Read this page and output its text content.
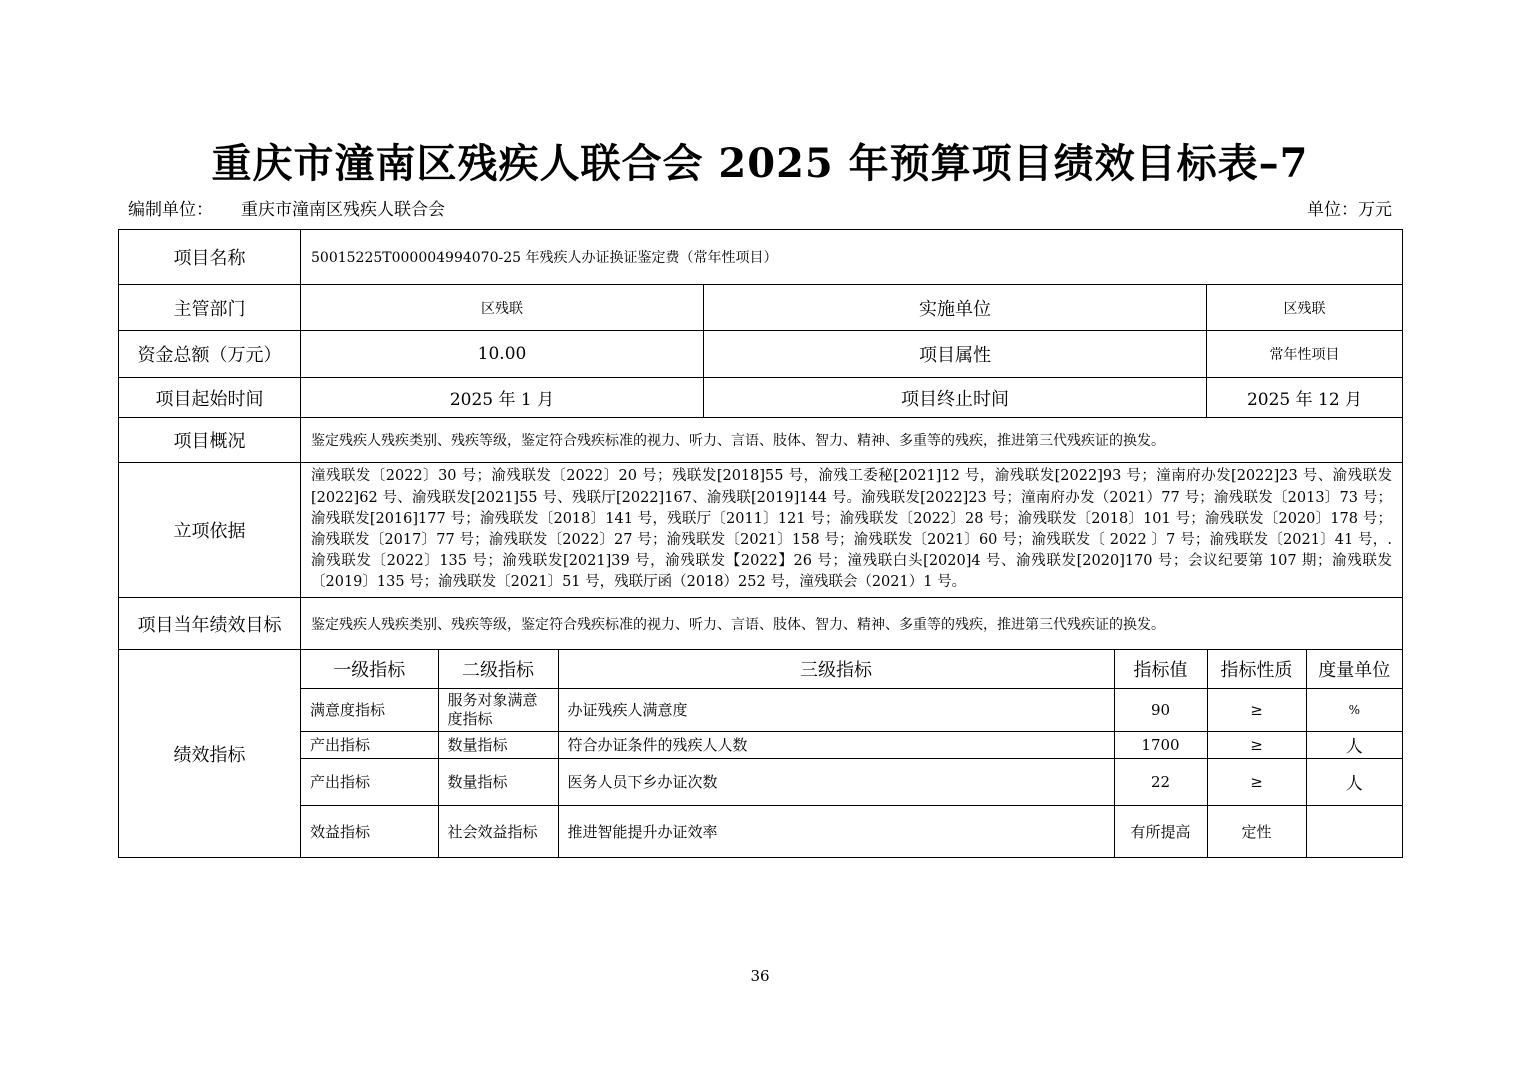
重庆市潼南区残疾人联合会 2025 年预算项目绩效目标表–7
编制单位： 重庆市潼南区残疾人联合会	单位：万元
项目名称	50015225T000004994070-25 年残疾人办证换证鉴定费（常年性项目）
主管部门	区残联	实施单位	区残联
资金总额（万元）	10.00	项目属性	常年性项目
项目起始时间	2025 年 1 月	项目终止时间	2025 年 12 月
项目概况	鉴定残疾人残疾类别、残疾等级，鉴定符合残疾标准的视力、听力、言语、肢体、智力、精神、多重等的残疾，推进第三代残疾证的换发。
立项依据	潼残联发〔2022〕30 号；渝残联发〔2022〕20 号；残联发[2018]55 号，渝残工委秘[2021]12 号，渝残联发[2022]93 号；潼南府办发[2022]23 号、渝残联发[2022]62 号、渝残联发[2021]55 号、残联厅[2022]167、渝残联[2019]144 号。渝残联发[2022]23 号；潼南府办发（2021）77 号；渝残联发〔2013〕73 号；渝残联发[2016]177 号；渝残联发〔2018〕141 号，残联厅〔2011〕121 号；渝残联发〔2022〕28 号；渝残联发〔2018〕101 号；渝残联发〔2020〕178 号；渝残联发〔2017〕77 号；渝残联发〔2022〕27 号；渝残联发〔2021〕158 号；渝残联发〔2021〕60 号；渝残联发〔 2022 〕7 号；渝残联发〔2021〕41 号，.渝残联发〔2022〕135 号；渝残联发[2021]39 号，渝残联发【2022】26 号；潼残联白头[2020]4 号、渝残联发[2020]170 号；会议纪要第 107 期；渝残联发〔2019〕135 号；渝残联发〔2021〕51 号，残联厅函（2018）252 号，潼残联会（2021）1 号。
项目当年绩效目标	鉴定残疾人残疾类别、残疾等级，鉴定符合残疾标准的视力、听力、言语、肢体、智力、精神、多重等的残疾，推进第三代残疾证的换发。
绩效指标	
一级指标	二级指标	三级指标	指标值	指标性质	度量单位
满意度指标	服务对象满意度指标	办证残疾人满意度	90	≥	%
产出指标	数量指标	符合办证条件的残疾人人数	1700	≥	人
产出指标	数量指标	医务人员下乡办证次数	22	≥	人
效益指标	社会效益指标	推进智能提升办证效率	有所提高	定性	
36
